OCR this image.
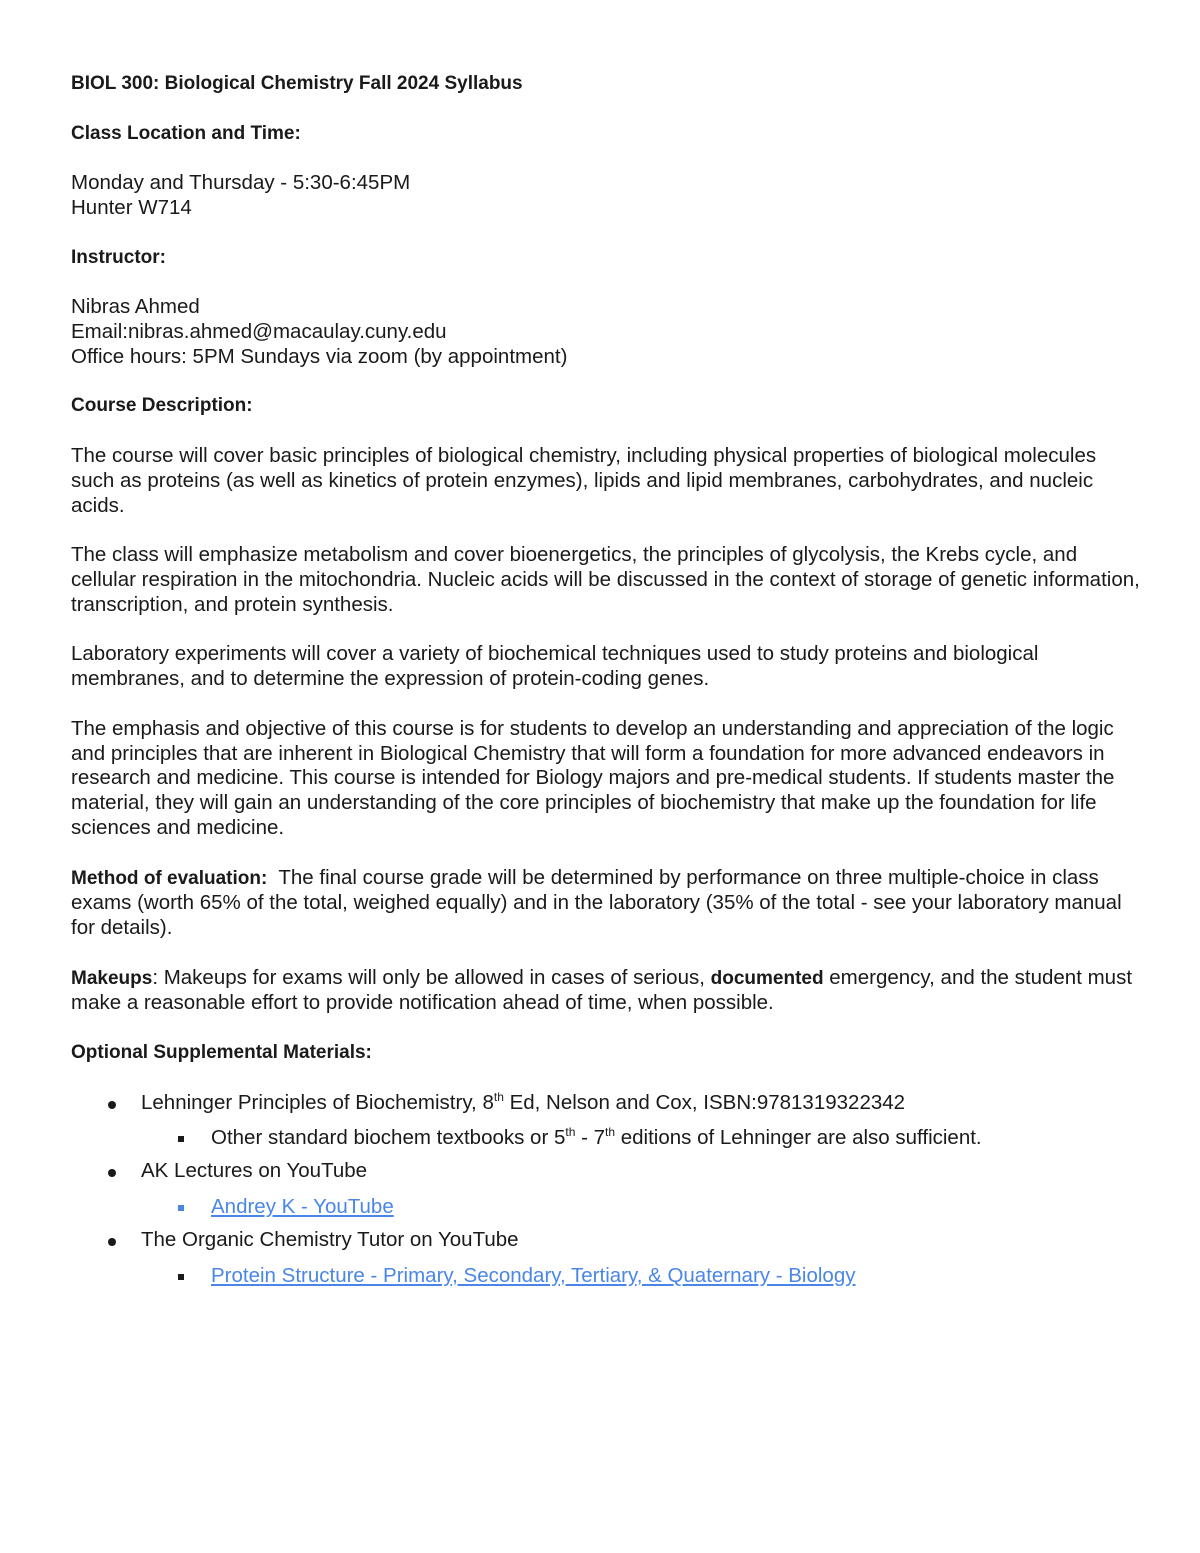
BIOL 300: Biological Chemistry Fall 2024 Syllabus

Class Location and Time:

Monday and Thursday - 5:30-6:45PM

Hunter W714

Instructor:

Nibras Ahmed

Email:nibras.ahmed@macaulay.cuny.edu

Office hours: 5PM Sundays via zoom (by appointment)

Course Description:

The course will cover basic principles of biological chemistry, including physical properties of biological molecules such as proteins (as well as kinetics of protein enzymes), lipids and lipid membranes, carbohydrates, and nucleic acids.

The class will emphasize metabolism and cover bioenergetics, the principles of glycolysis, the Krebs cycle, and cellular respiration in the mitochondria. Nucleic acids will be discussed in the context of storage of genetic information, transcription, and protein synthesis.

Laboratory experiments will cover a variety of biochemical techniques used to study proteins and biological membranes, and to determine the expression of protein-coding genes.

The emphasis and objective of this course is for students to develop an understanding and appreciation of the logic and principles that are inherent in Biological Chemistry that will form a foundation for more advanced endeavors in research and medicine. This course is intended for Biology majors and pre-medical students. If students master the material, they will gain an understanding of the core principles of biochemistry that make up the foundation for life sciences and medicine.

Method of evaluation: The final course grade will be determined by performance on three multiple-choice in class exams (worth 65% of the total, weighed equally) and in the laboratory (35% of the total - see your laboratory manual for details).

Makeups: Makeups for exams will only be allowed in cases of serious, documented emergency, and the student must make a reasonable effort to provide notification ahead of time, when possible.

Optional Supplemental Materials:

Lehninger Principles of Biochemistry, 8th Ed, Nelson and Cox, ISBN:9781319322342
Other standard biochem textbooks or 5th - 7th editions of Lehninger are also sufficient.
AK Lectures on YouTube
Andrey K - YouTube
The Organic Chemistry Tutor on YouTube
Protein Structure - Primary, Secondary, Tertiary, & Quaternary - Biology
